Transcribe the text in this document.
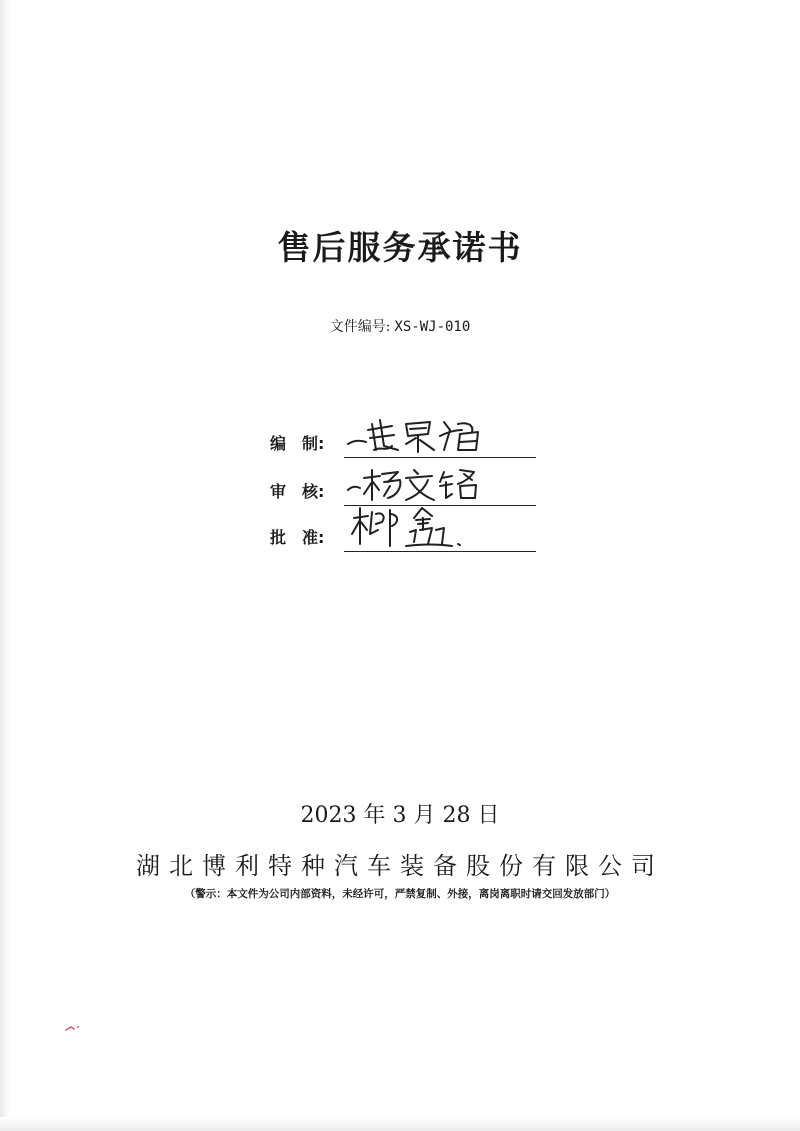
售后服务承诺书
文件编号: XS-WJ-010
编 制:
审 核:
批 准:
2023 年 3 月 28 日
湖北博利特种汽车装备股份有限公司
（警示：本文件为公司内部资料，未经许可，严禁复制、外接，离岗离职时请交回发放部门）
